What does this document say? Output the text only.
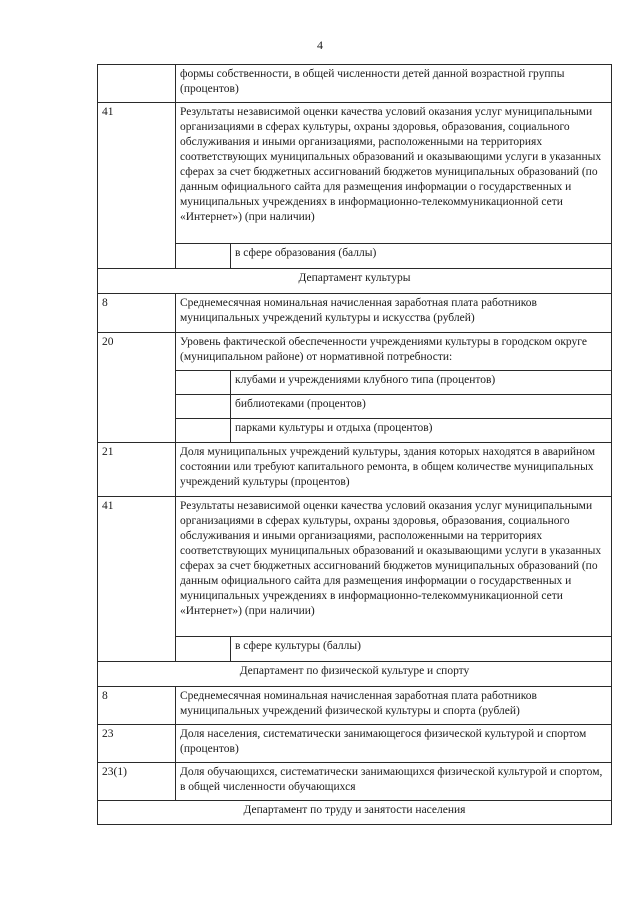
4
	формы собственности, в общей численности детей данной возрастной группы (процентов)	
41	Результаты независимой оценки качества условий оказания услуг муниципальными организациями в сферах культуры, охраны здоровья, образования, социального обслуживания и иными организациями, расположенными на территориях соответствующих муниципальных образований и оказывающими услуги в указанных сферах за счет бюджетных ассигнований бюджетов муниципальных образований (по данным официального сайта для размещения информации о государственных и муниципальных учреждениях в информационно-телекоммуникационной сети «Интернет») (при наличии)	
		в сфере образования (баллы)
Департамент культуры		
8	Среднемесячная номинальная начисленная заработная плата работников муниципальных учреждений культуры и искусства (рублей)	
20	Уровень фактической обеспеченности учреждениями культуры в городском округе (муниципальном районе) от нормативной потребности:	
		клубами и учреждениями клубного типа (процентов)
		библиотеками (процентов)
		парками культуры и отдыха (процентов)
21	Доля муниципальных учреждений культуры, здания которых находятся в аварийном состоянии или требуют капитального ремонта, в общем количестве муниципальных учреждений культуры (процентов)	
41	Результаты независимой оценки качества условий оказания услуг муниципальными организациями в сферах культуры, охраны здоровья, образования, социального обслуживания и иными организациями, расположенными на территориях соответствующих муниципальных образований и оказывающими услуги в указанных сферах за счет бюджетных ассигнований бюджетов муниципальных образований (по данным официального сайта для размещения информации о государственных и муниципальных учреждениях в информационно-телекоммуникационной сети «Интернет») (при наличии)	
		в сфере культуры (баллы)
Департамент по физической культуре и спорту		
8	Среднемесячная номинальная начисленная заработная плата работников муниципальных учреждений физической культуры и спорта (рублей)	
23	Доля населения, систематически занимающегося физической культурой и спортом (процентов)	
23(1)	Доля обучающихся, систематически занимающихся физической культурой и спортом, в общей численности обучающихся	
Департамент по труду и занятости населения		
